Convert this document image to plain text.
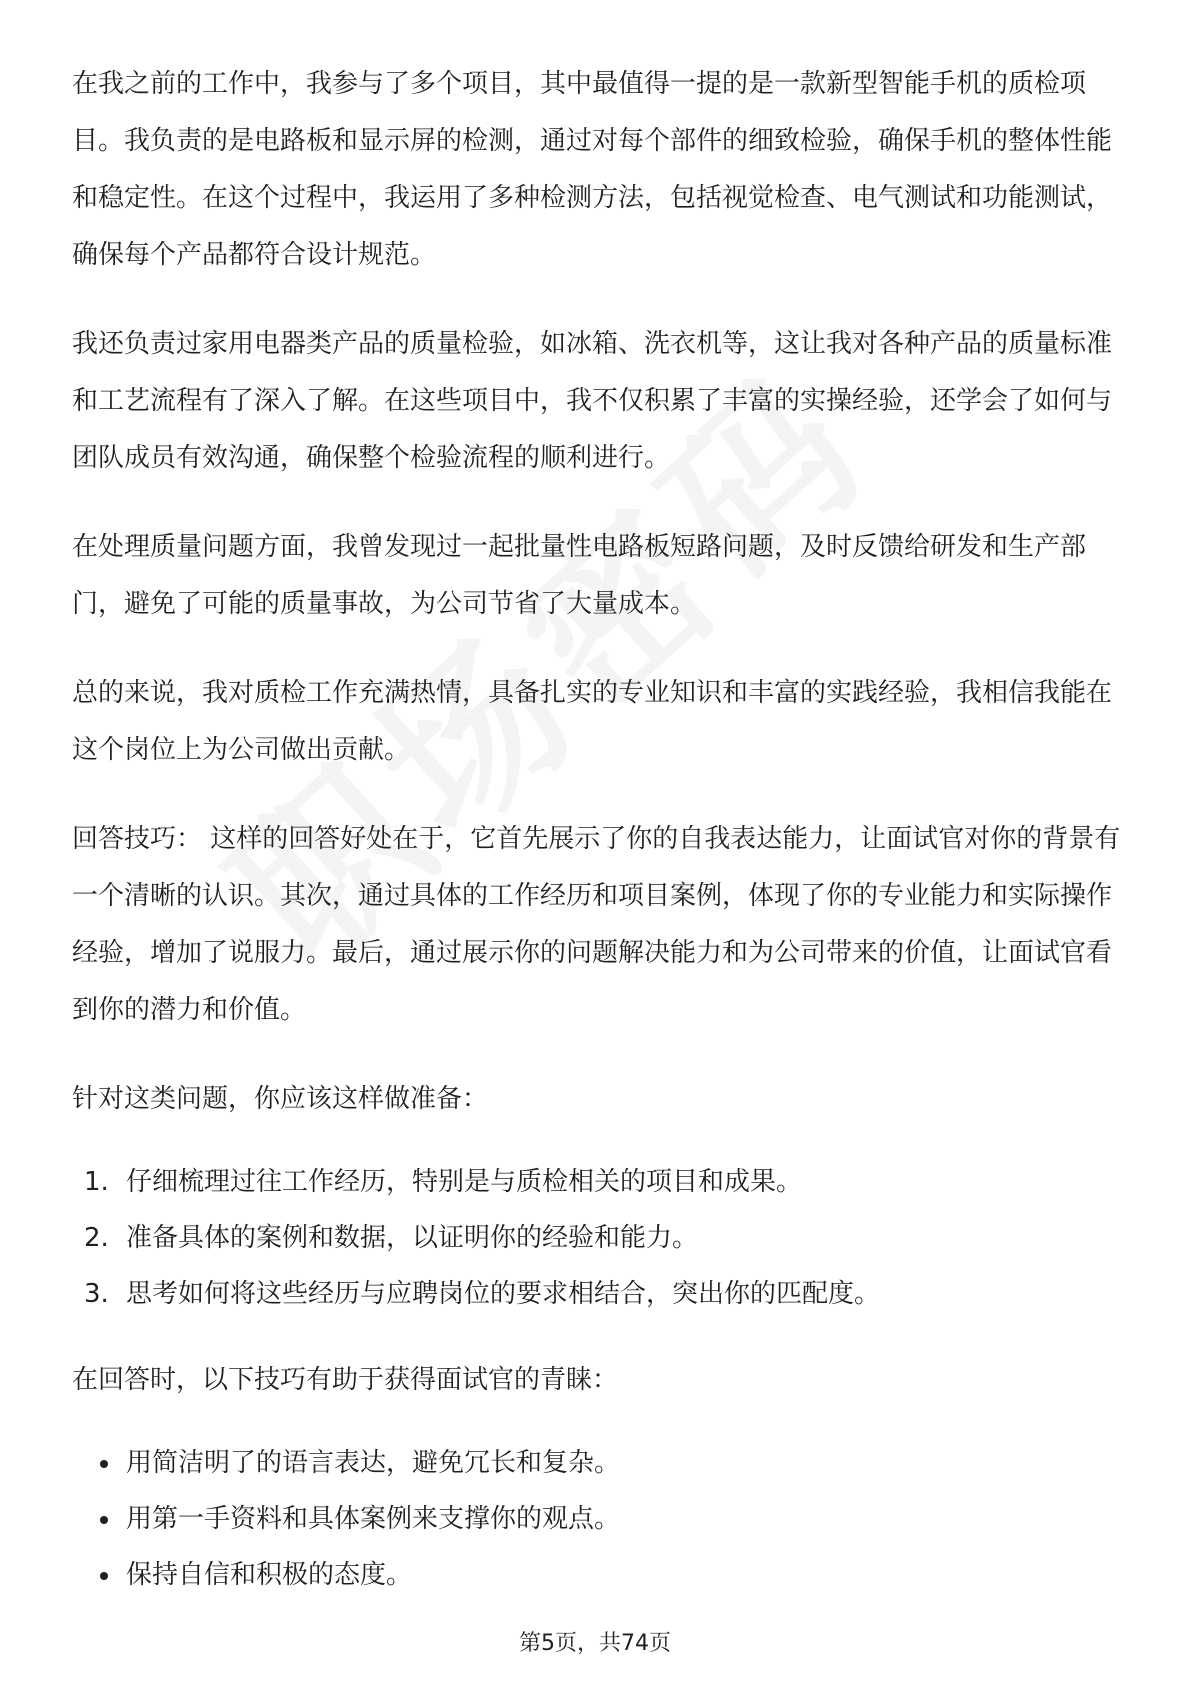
在我之前的工作中，我参与了多个项目，其中最值得一提的是一款新型智能手机的质检项目。我负责的是电路板和显示屏的检测，通过对每个部件的细致检验，确保手机的整体性能和稳定性。在这个过程中，我运用了多种检测方法，包括视觉检查、电气测试和功能测试，确保每个产品都符合设计规范。

我还负责过家用电器类产品的质量检验，如冰箱、洗衣机等，这让我对各种产品的质量标准和工艺流程有了深入了解。在这些项目中，我不仅积累了丰富的实操经验，还学会了如何与团队成员有效沟通，确保整个检验流程的顺利进行。

在处理质量问题方面，我曾发现过一起批量性电路板短路问题，及时反馈给研发和生产部门，避免了可能的质量事故，为公司节省了大量成本。

总的来说，我对质检工作充满热情，具备扎实的专业知识和丰富的实践经验，我相信我能在这个岗位上为公司做出贡献。

回答技巧： 这样的回答好处在于，它首先展示了你的自我表达能力，让面试官对你的背景有一个清晰的认识。其次，通过具体的工作经历和项目案例，体现了你的专业能力和实际操作经验，增加了说服力。最后，通过展示你的问题解决能力和为公司带来的价值，让面试官看到你的潜力和价值。

针对这类问题，你应该这样做准备：

1. 仔细梳理过往工作经历，特别是与质检相关的项目和成果。
2. 准备具体的案例和数据，以证明你的经验和能力。
3. 思考如何将这些经历与应聘岗位的要求相结合，突出你的匹配度。

在回答时，以下技巧有助于获得面试官的青睐：

用简洁明了的语言表达，避免冗长和复杂。
用第一手资料和具体案例来支撑你的观点。
保持自信和积极的态度。
第5页，共74页
